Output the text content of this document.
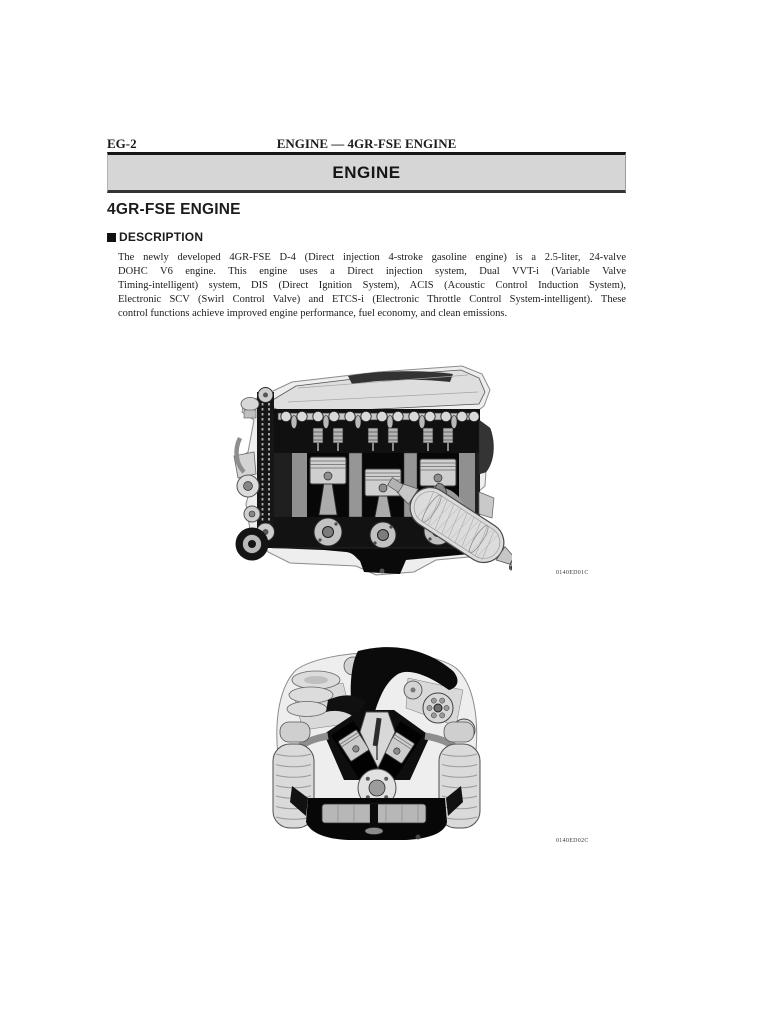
EG-2	ENGINE — 4GR-FSE ENGINE
ENGINE
4GR-FSE ENGINE
DESCRIPTION
The newly developed 4GR-FSE D-4 (Direct injection 4-stroke gasoline engine) is a 2.5-liter, 24-valve
DOHC V6 engine. This engine uses a Direct injection system, Dual VVT-i (Variable Valve
Timing-intelligent) system, DIS (Direct Ignition System), ACIS (Acoustic Control Induction System),
Electronic SCV (Swirl Control Valve) and ETCS-i (Electronic Throttle Control System-intelligent). These
control functions achieve improved engine performance, fuel economy, and clean emissions.
0140ED01C
0140ED02C
